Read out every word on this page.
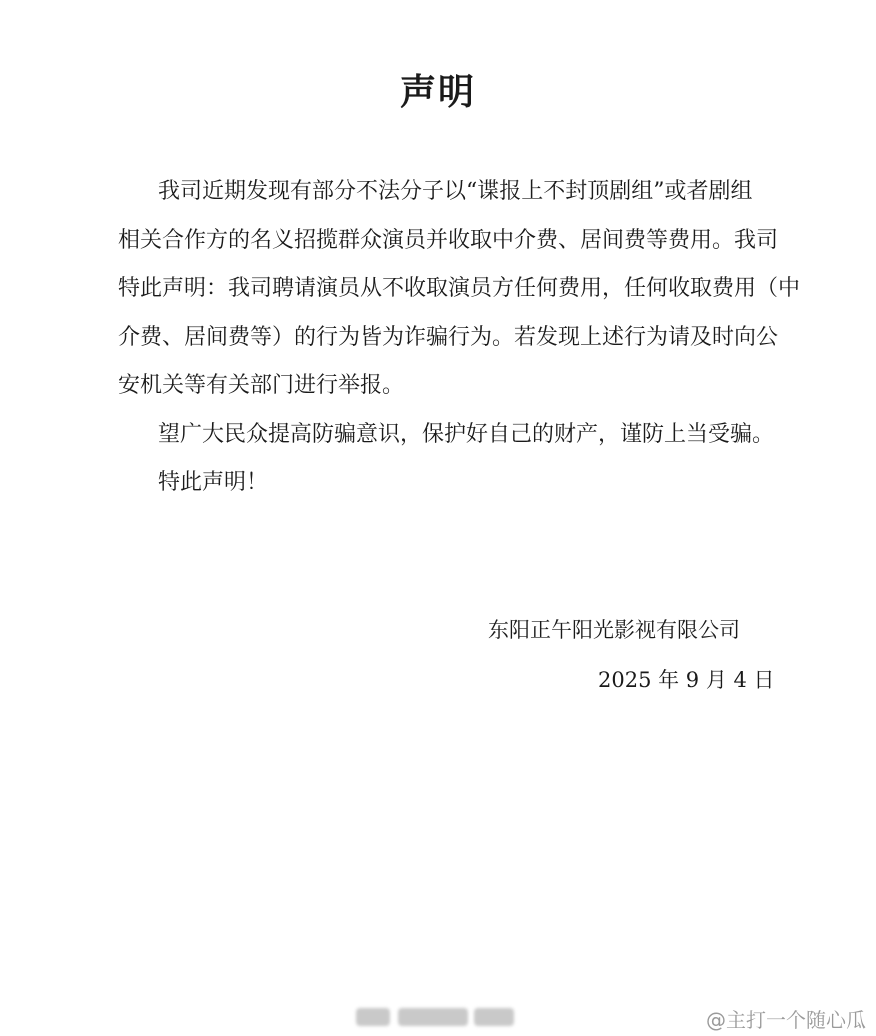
声明

我司近期发现有部分不法分子以“谍报上不封顶剧组”或者剧组
相关合作方的名义招揽群众演员并收取中介费、居间费等费用。我司
特此声明：我司聘请演员从不收取演员方任何费用，任何收取费用（中
介费、居间费等）的行为皆为诈骗行为。若发现上述行为请及时向公
安机关等有关部门进行举报。

望广大民众提高防骗意识，保护好自己的财产，谨防上当受骗。

特此声明！

东阳正午阳光影视有限公司
2025 年 9 月 4 日
@主打一个随心瓜
